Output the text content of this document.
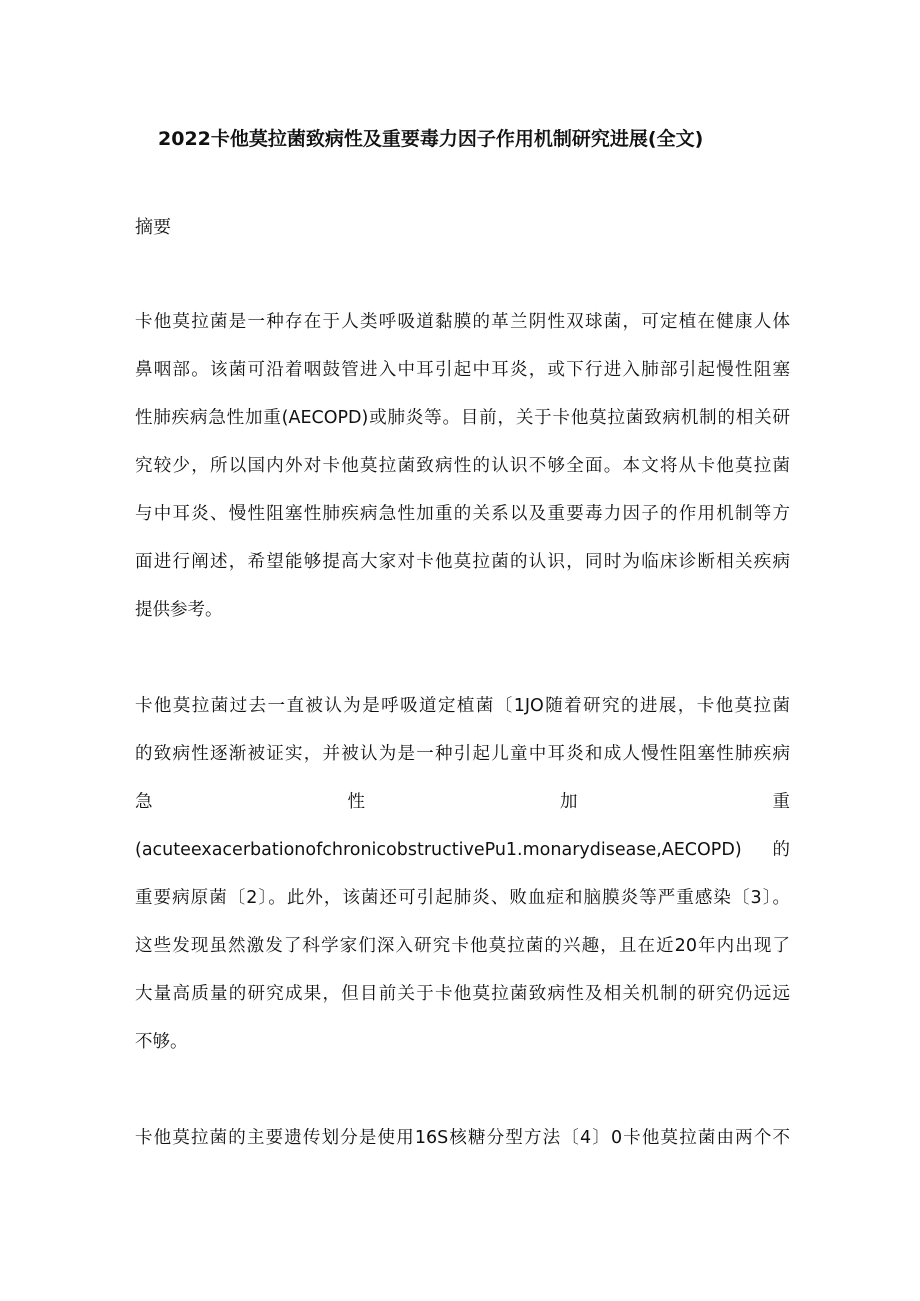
2022卡他莫拉菌致病性及重要毒力因子作用机制研究进展(全文)
摘要
卡他莫拉菌是一种存在于人类呼吸道黏膜的革兰阴性双球菌，可定植在健康人体
鼻咽部。该菌可沿着咽鼓管进入中耳引起中耳炎，或下行进入肺部引起慢性阻塞
性肺疾病急性加重(AECOPD)或肺炎等。目前，关于卡他莫拉菌致病机制的相关研
究较少，所以国内外对卡他莫拉菌致病性的认识不够全面。本文将从卡他莫拉菌
与中耳炎、慢性阻塞性肺疾病急性加重的关系以及重要毒力因子的作用机制等方
面进行阐述，希望能够提高大家对卡他莫拉菌的认识，同时为临床诊断相关疾病
提供参考。
卡他莫拉菌过去一直被认为是呼吸道定植菌〔1JO随着研究的进展，卡他莫拉菌
的致病性逐渐被证实，并被认为是一种引起儿童中耳炎和成人慢性阻塞性肺疾病
急　　　　　　　性　　　　　　　加　　　　　　　重
(acuteexacerbationofchronicobstructivePu1.monarydisease,AECOPD) 的
重要病原菌〔2〕。此外，该菌还可引起肺炎、败血症和脑膜炎等严重感染〔3〕。
这些发现虽然激发了科学家们深入研究卡他莫拉菌的兴趣，且在近20年内出现了
大量高质量的研究成果，但目前关于卡他莫拉菌致病性及相关机制的研究仍远远
不够。
卡他莫拉菌的主要遗传划分是使用16S核糖分型方法〔4〕0卡他莫拉菌由两个不
